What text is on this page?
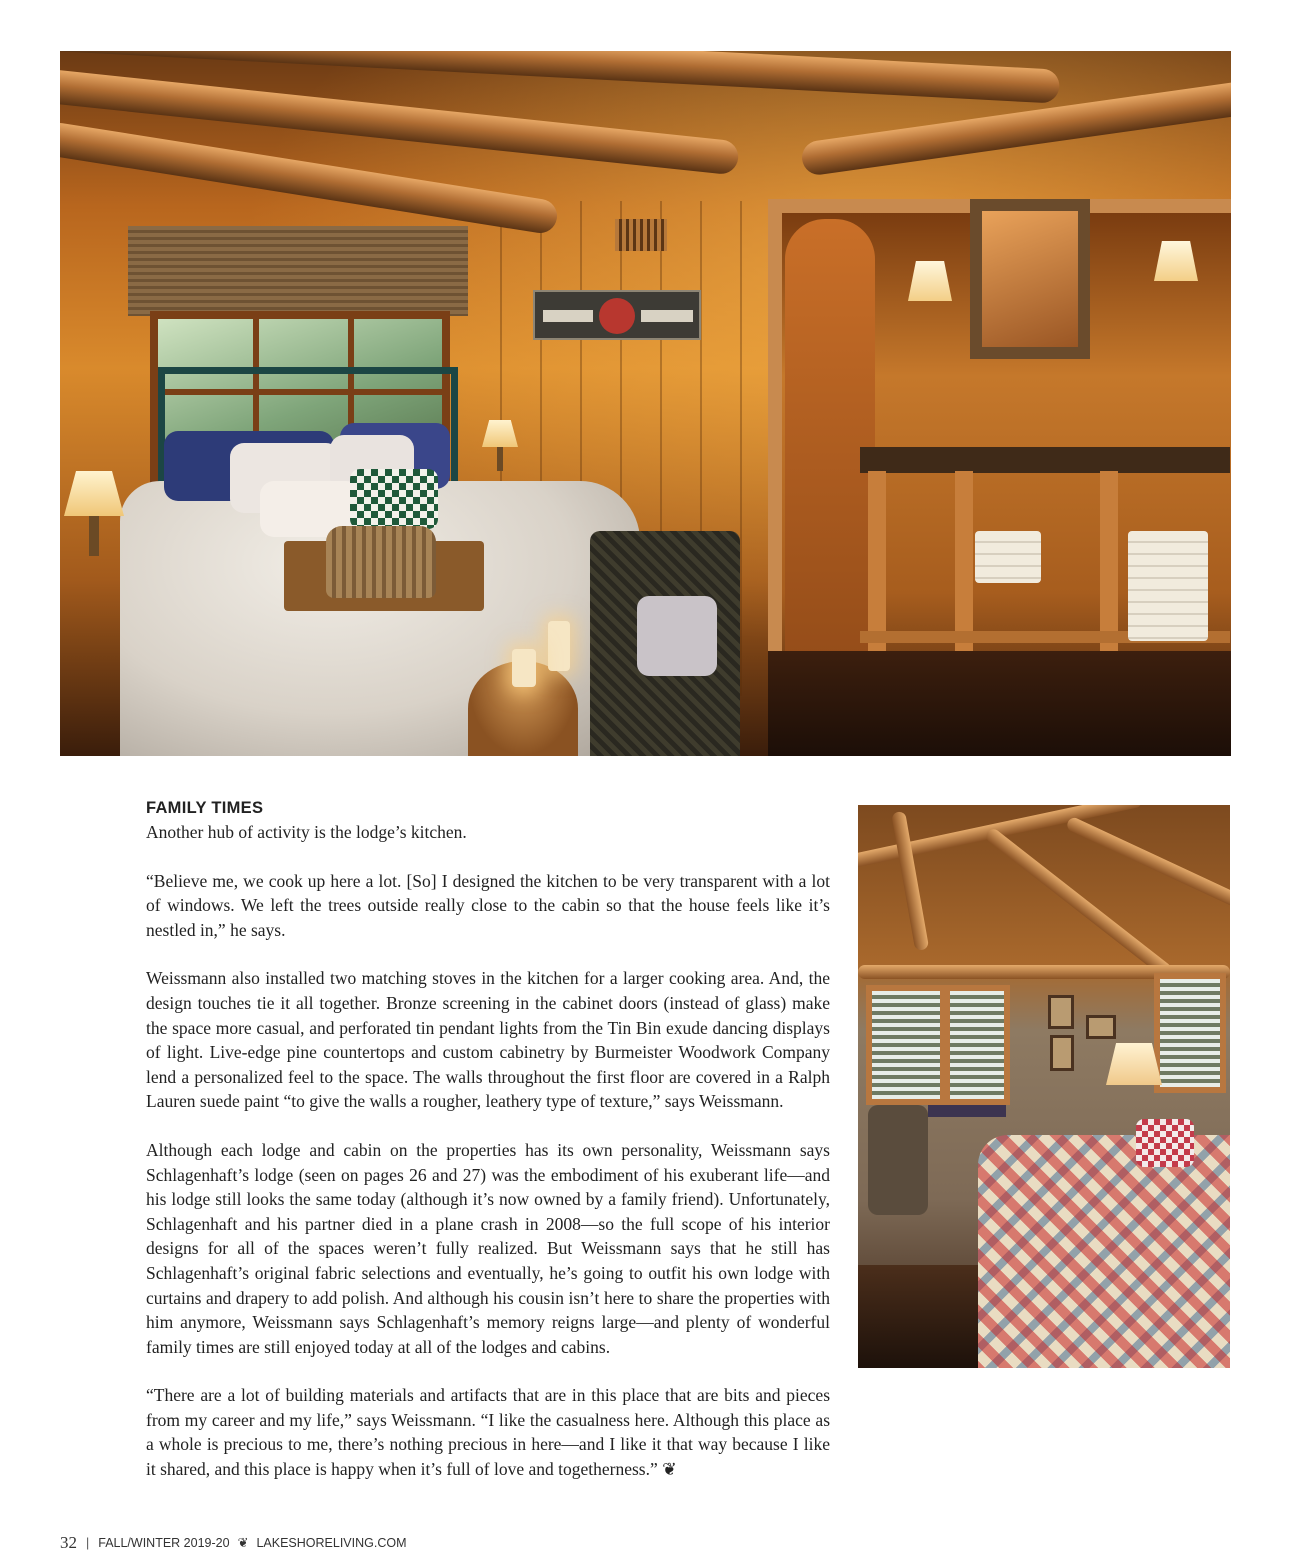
FAMILY TIMES

Another hub of activity is the lodge’s kitchen.

“Believe me, we cook up here a lot. [So] I designed the kitchen to be very transparent with a lot of windows. We left the trees outside really close to the cabin so that the house feels like it’s nestled in,” he says.

Weissmann also installed two matching stoves in the kitchen for a larger cooking area. And, the design touches tie it all together. Bronze screening in the cabinet doors (instead of glass) make the space more casual, and perforated tin pendant lights from the Tin Bin exude dancing displays of light. Live-edge pine countertops and custom cabinetry by Burmeister Woodwork Company lend a personalized feel to the space. The walls throughout the first floor are covered in a Ralph Lauren suede paint “to give the walls a rougher, leathery type of texture,” says Weissmann.

Although each lodge and cabin on the properties has its own personality, Weissmann says Schlagenhaft’s lodge (seen on pages 26 and 27) was the embodiment of his exuberant life—and his lodge still looks the same today (although it’s now owned by a family friend). Unfortunately, Schlagenhaft and his partner died in a plane crash in 2008—so the full scope of his interior designs for all of the spaces weren’t fully realized. But Weissmann says that he still has Schlagenhaft’s original fabric selections and eventually, he’s going to outfit his own lodge with curtains and drapery to add polish. And although his cousin isn’t here to share the properties with him anymore, Weissmann says Schlagenhaft’s memory reigns large—and plenty of wonderful family times are still enjoyed today at all of the lodges and cabins.

“There are a lot of building materials and artifacts that are in this place that are bits and pieces from my career and my life,” says Weissmann. “I like the casualness here. Although this place as a whole is precious to me, there’s nothing precious in here—and I like it that way because I like it shared, and this place is happy when it’s full of love and togetherness.” ❦

32 | FALL/WINTER 2019-20 ❦ LAKESHORELIVING.COM
